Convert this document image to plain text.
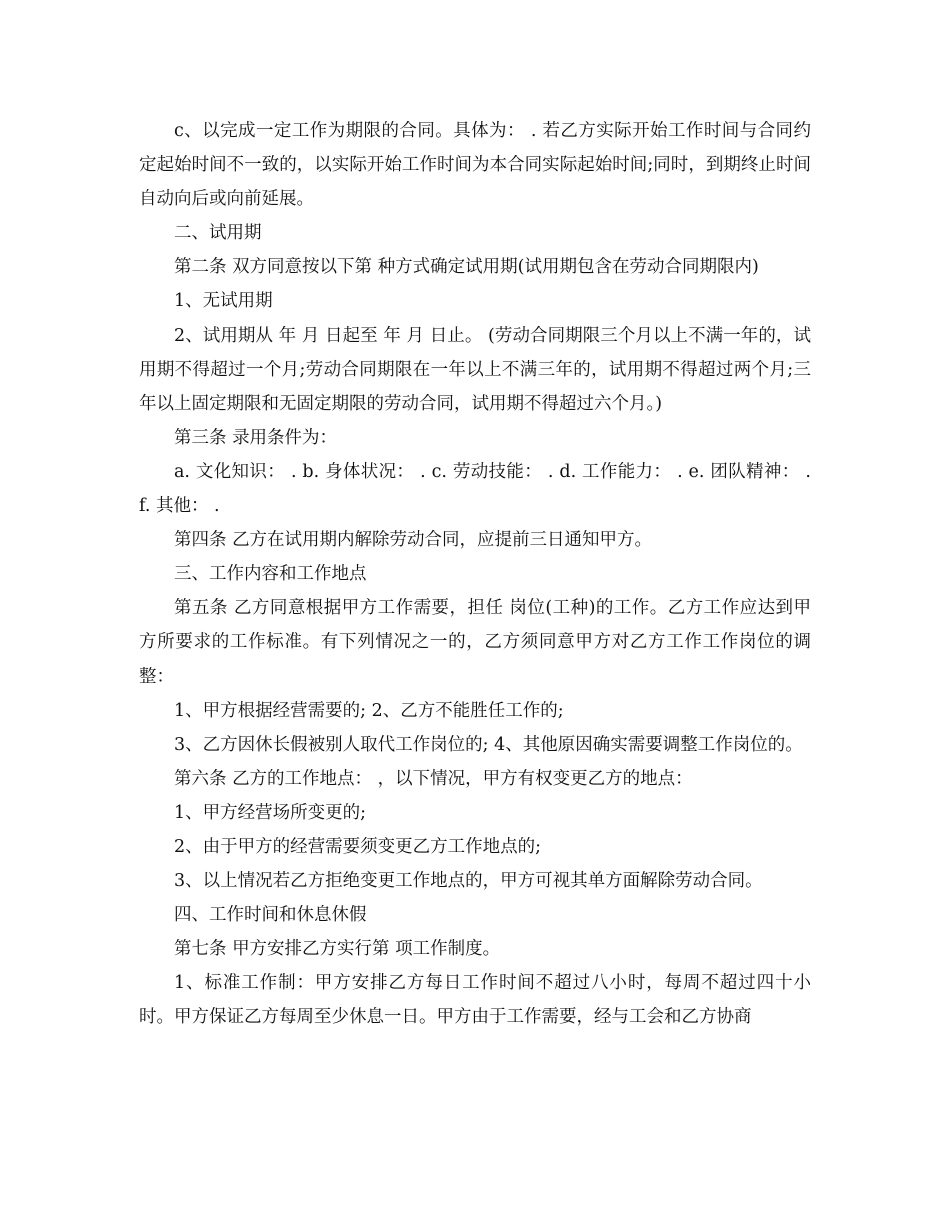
c、以完成一定工作为期限的合同。具体为： . 若乙方实际开始工作时间与合同约定起始时间不一致的，以实际开始工作时间为本合同实际起始时间;同时，到期终止时间自动向后或向前延展。

二、试用期

第二条 双方同意按以下第 种方式确定试用期(试用期包含在劳动合同期限内)

1、无试用期

2、试用期从 年 月 日起至 年 月 日止。 (劳动合同期限三个月以上不满一年的，试用期不得超过一个月;劳动合同期限在一年以上不满三年的，试用期不得超过两个月;三年以上固定期限和无固定期限的劳动合同，试用期不得超过六个月。)

第三条 录用条件为：

a. 文化知识： . b. 身体状况： . c. 劳动技能： . d. 工作能力： . e. 团队精神： . f. 其他： .

第四条 乙方在试用期内解除劳动合同，应提前三日通知甲方。

三、工作内容和工作地点

第五条 乙方同意根据甲方工作需要，担任 岗位(工种)的工作。乙方工作应达到甲方所要求的工作标准。有下列情况之一的，乙方须同意甲方对乙方工作工作岗位的调整：

1、甲方根据经营需要的; 2、乙方不能胜任工作的;

3、乙方因休长假被别人取代工作岗位的; 4、其他原因确实需要调整工作岗位的。

第六条 乙方的工作地点： ，以下情况，甲方有权变更乙方的地点：

1、甲方经营场所变更的;

2、由于甲方的经营需要须变更乙方工作地点的;

3、以上情况若乙方拒绝变更工作地点的，甲方可视其单方面解除劳动合同。

四、工作时间和休息休假

第七条 甲方安排乙方实行第 项工作制度。

1、标准工作制：甲方安排乙方每日工作时间不超过八小时，每周不超过四十小时。甲方保证乙方每周至少休息一日。甲方由于工作需要，经与工会和乙方协商
